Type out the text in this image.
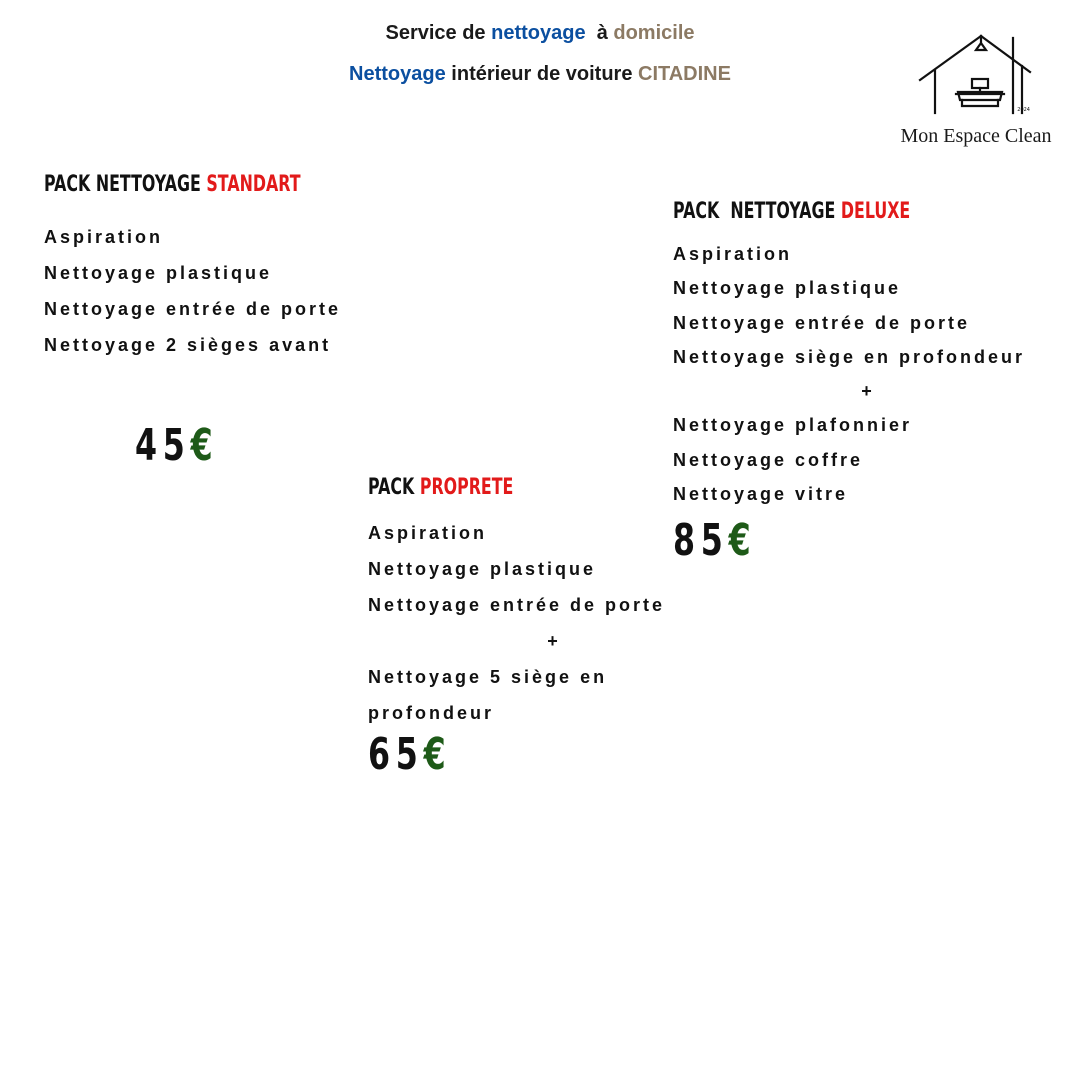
Service de nettoyage  à domicile
Nettoyage intérieur de voiture CITADINE
2024
Mon Espace Clean
PACK NETTOYAGE STANDART
Aspiration
Nettoyage plastique
Nettoyage entrée de porte
Nettoyage 2 sièges avant
45€
PACK  NETTOYAGE DELUXE
Aspiration
Nettoyage plastique
Nettoyage entrée de porte
Nettoyage siège en profondeur
+
Nettoyage plafonnier
Nettoyage coffre
Nettoyage vitre
85€
PACK PROPRETE
Aspiration
Nettoyage plastique
Nettoyage entrée de porte
+
Nettoyage 5 siège en
profondeur
65€
